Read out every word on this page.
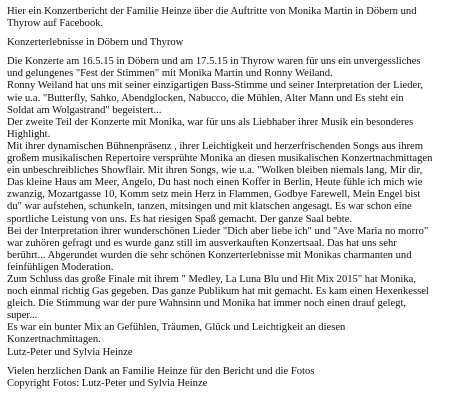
Hier ein Konzertbericht der Familie Heinze über die Auftritte von Monika Martin in Döbern und

Thyrow auf Facebook.

Konzerterlebnisse in Döbern und Thyrow

Die Konzerte am 16.5.15 in Döbern und am 17.5.15 in Thyrow waren für uns ein unvergessliches

und gelungenes "Fest der Stimmen" mit Monika Martin und Ronny Weiland.

Ronny Weiland hat uns mit seiner einzigartigen Bass-Stimme und seiner Interpretation der Lieder,

wie u.a. "Butterfly, Sahko, Abendglocken, Nabucco, die Mühlen, Alter Mann und Es steht ein

Soldat am Wolgastrand" begeistert...

Der zweite Teil der Konzerte mit Monika, war für uns als Liebhaber ihrer Musik ein besonderes

Highlight.

Mit ihrer dynamischen Bühnenpräsenz , ihrer Leichtigkeit und herzerfrischenden Songs aus ihrem

großem musikalischen Repertoire versprühte Monika an diesen musikalischen Konzertnachmittagen

ein unbeschreibliches Showflair. Mit ihren Songs, wie u.a. "Wolken bleiben niemals lang, Mir dir,

Das kleine Haus am Meer, Angelo, Du hast noch einen Koffer in Berlin, Heute fühle ich mich wie

zwanzig, Mozartgasse 10, Komm setz mein Herz in Flammen, Godbye Farewell, Mein Engel bist

du" war aufstehen, schunkeln, tanzen, mitsingen und mit klatschen angesagt. Es war schon eine

sportliche Leistung von uns. Es hat riesigen Spaß gemacht. Der ganze Saal bebte.

Bei der Interpretation ihrer wunderschönen Lieder "Dich aber liebe ich" und "Ave Maria no morro"

war zuhören gefragt und es wurde ganz still im ausverkauften Konzertsaal. Das hat uns sehr

berührt... Abgerundet wurden die sehr schönen Konzerterlebnisse mit Monikas charmanten und

feinfühligen Moderation.

Zum Schluss das große Finale mit ihrem " Medley, La Luna Blu und Hit Mix 2015" hat Monika,

noch einmal richtig Gas gegeben. Das ganze Publikum hat mit gemacht. Es kam einen Hexenkessel

gleich. Die Stimmung war der pure Wahnsinn und Monika hat immer noch einen drauf gelegt,

super...

Es war ein bunter Mix an Gefühlen, Träumen, Glück und Leichtigkeit an diesen

Konzertnachmittagen.

Lutz-Peter und Sylvia Heinze

Vielen herzlichen Dank an Familie Heinze für den Bericht und die Fotos

Copyright Fotos: Lutz-Peter und Sylvia Heinze
